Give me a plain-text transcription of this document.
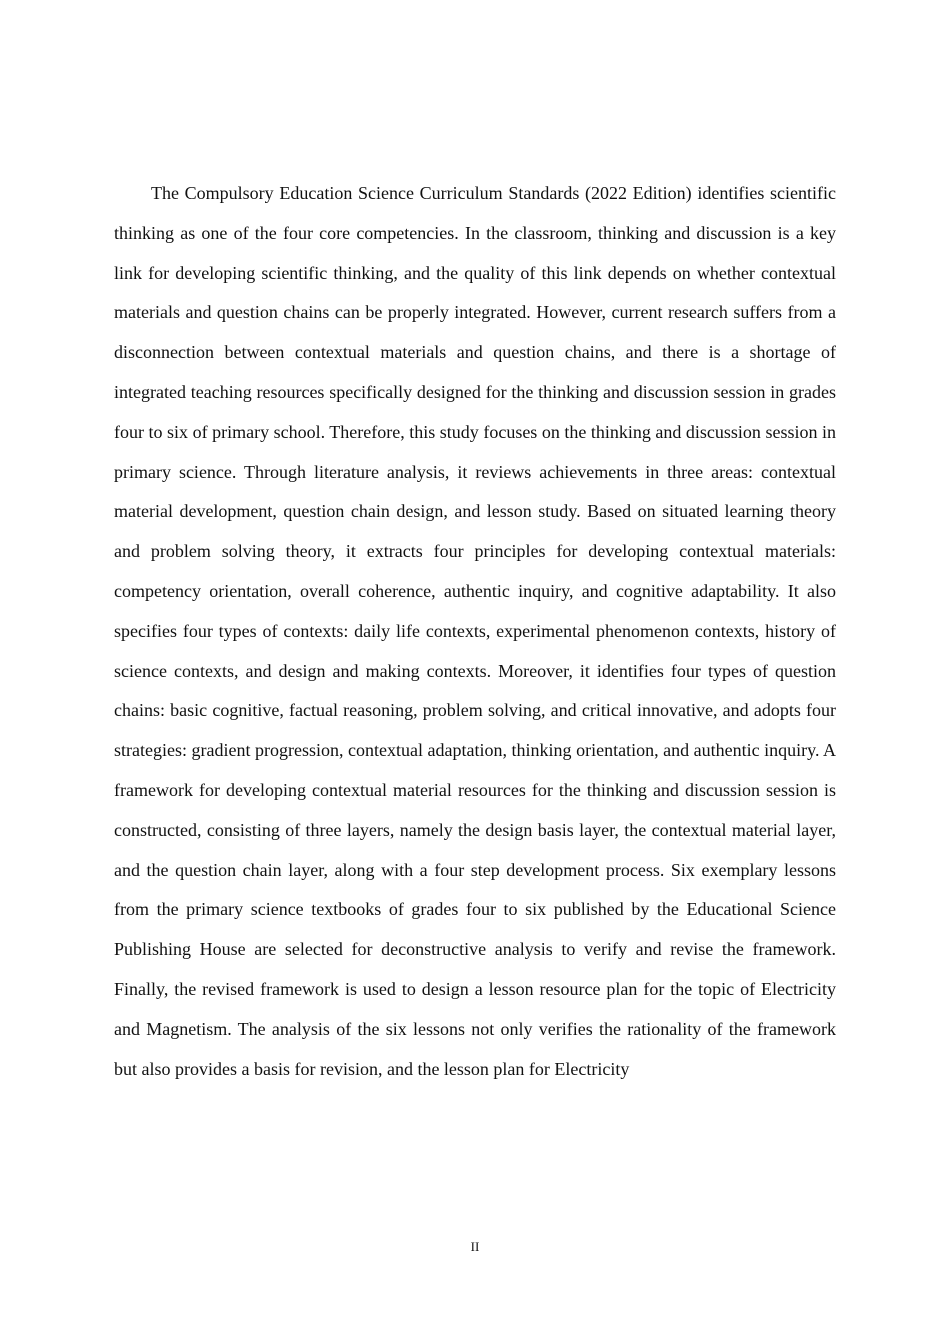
The Compulsory Education Science Curriculum Standards (2022 Edition) identifies scientific thinking as one of the four core competencies. In the classroom, thinking and discussion is a key link for developing scientific thinking, and the quality of this link depends on whether contextual materials and question chains can be properly integrated. However, current research suffers from a disconnection between contextual materials and question chains, and there is a shortage of integrated teaching resources specifically designed for the thinking and discussion session in grades four to six of primary school. Therefore, this study focuses on the thinking and discussion session in primary science. Through literature analysis, it reviews achievements in three areas: contextual material development, question chain design, and lesson study. Based on situated learning theory and problem solving theory, it extracts four principles for developing contextual materials: competency orientation, overall coherence, authentic inquiry, and cognitive adaptability. It also specifies four types of contexts: daily life contexts, experimental phenomenon contexts, history of science contexts, and design and making contexts. Moreover, it identifies four types of question chains: basic cognitive, factual reasoning, problem solving, and critical innovative, and adopts four strategies: gradient progression, contextual adaptation, thinking orientation, and authentic inquiry. A framework for developing contextual material resources for the thinking and discussion session is constructed, consisting of three layers, namely the design basis layer, the contextual material layer, and the question chain layer, along with a four step development process. Six exemplary lessons from the primary science textbooks of grades four to six published by the Educational Science Publishing House are selected for deconstructive analysis to verify and revise the framework. Finally, the revised framework is used to design a lesson resource plan for the topic of Electricity and Magnetism. The analysis of the six lessons not only verifies the rationality of the framework but also provides a basis for revision, and the lesson plan for Electricity

II
